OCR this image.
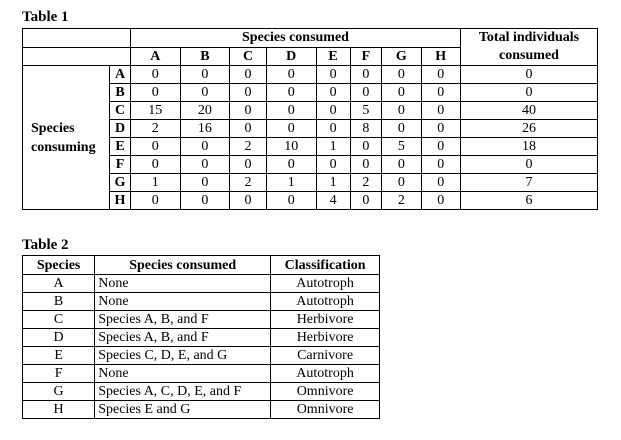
Table 1
		Species consumed								Total individuals consumed
		A	B	C	D	E	F	G	H	
Species consuming	A	0	0	0	0	0	0	0	0	0
	B	0	0	0	0	0	0	0	0	0
	C	15	20	0	0	0	5	0	0	40
	D	2	16	0	0	0	8	0	0	26
	E	0	0	2	10	1	0	5	0	18
	F	0	0	0	0	0	0	0	0	0
	G	1	0	2	1	1	2	0	0	7
	H	0	0	0	0	4	0	2	0	6
Table 2
Species	Species consumed	Classification
A	None	Autotroph
B	None	Autotroph
C	Species A, B, and F	Herbivore
D	Species A, B, and F	Herbivore
E	Species C, D, E, and G	Carnivore
F	None	Autotroph
G	Species A, C, D, E, and F	Omnivore
H	Species E and G	Omnivore
